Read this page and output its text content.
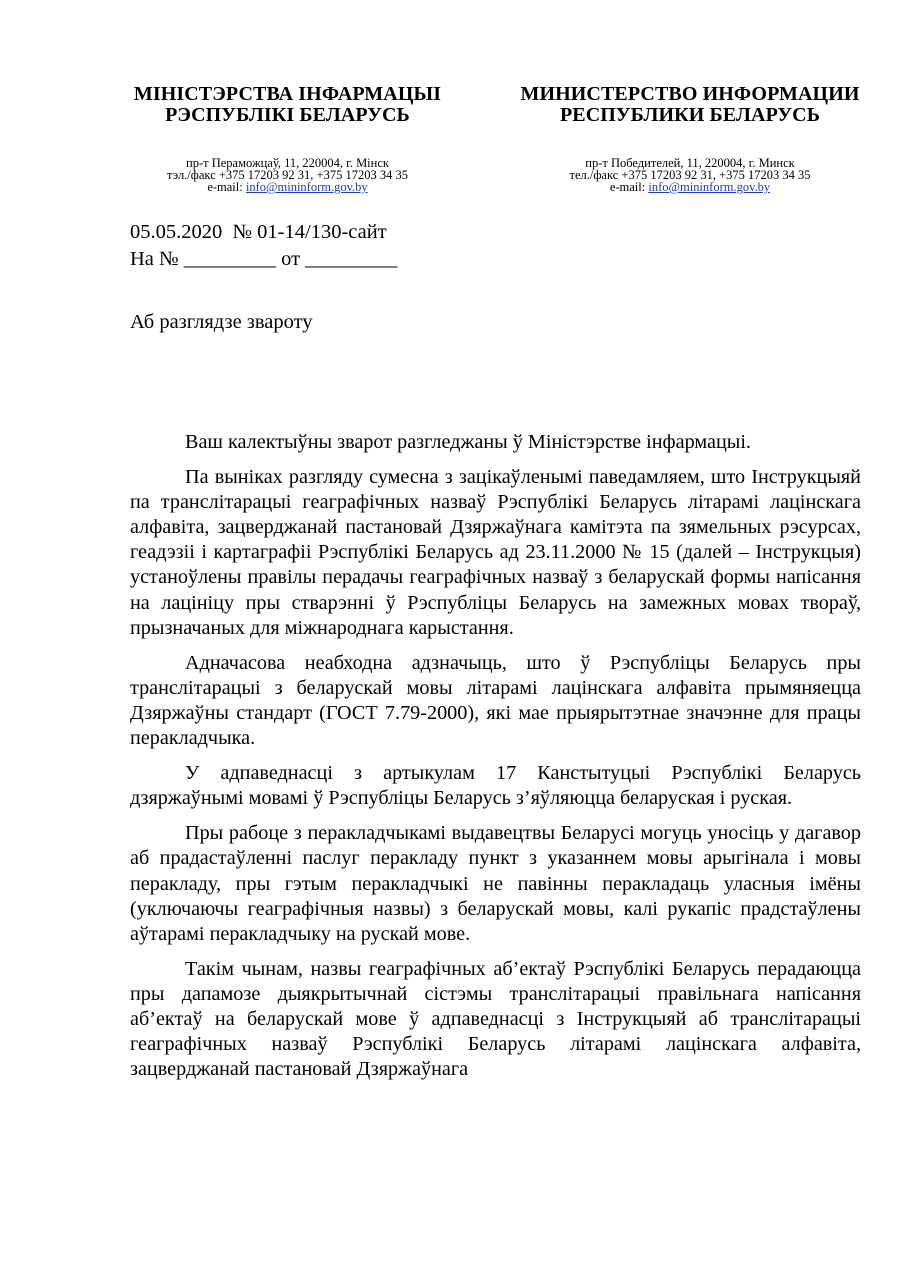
МІНІСТЭРСТВА ІНФАРМАЦЫІ
РЭСПУБЛІКІ БЕЛАРУСЬ
пр-т Пераможцаў, 11, 220004, г. Мінск
тэл./факс +375 17203 92 31, +375 17203 34 35
e-mail: info@mininform.gov.by
МИНИСТЕРСТВО ИНФОРМАЦИИ
РЕСПУБЛИКИ БЕЛАРУСЬ
пр-т Победителей, 11, 220004, г. Минск
тел./факс +375 17203 92 31, +375 17203 34 35
e-mail: info@mininform.gov.by
05.05.2020  № 01-14/130-сайт
На № _________ от _________
Аб разглядзе звароту

Ваш калектыўны зварот разгледжаны ў Міністэрстве інфармацыі.

Па выніках разгляду сумесна з зацікаўленымі паведамляем, што Інструкцыяй па транслітарацыі геаграфічных назваў Рэспублікі Беларусь літарамі лацінскага алфавіта, зацверджанай пастановай Дзяржаўнага камітэта па зямельных рэсурсах, геадэзіі і картаграфіі Рэспублікі Беларусь ад 23.11.2000 № 15 (далей – Інструкцыя) устаноўлены правілы перадачы геаграфічных назваў з беларускай формы напісання на лацініцу пры стварэнні ў Рэспубліцы Беларусь на замежных мовах твораў, прызначаных для міжнароднага карыстання.

Адначасова неабходна адзначыць, што ў Рэспубліцы Беларусь пры транслітарацыі з беларускай мовы літарамі лацінскага алфавіта прымяняецца Дзяржаўны стандарт (ГОСТ 7.79-2000), які мае прыярытэтнае значэнне для працы перакладчыка.

У адпаведнасці з артыкулам 17 Канстытуцыі Рэспублікі Беларусь дзяржаўнымі мовамі ў Рэспубліцы Беларусь з’яўляюцца беларуская і руская.

Пры рабоце з перакладчыкамі выдавецтвы Беларусі могуць уносіць у дагавор аб прадастаўленні паслуг перакладу пункт з указаннем мовы арыгінала і мовы перакладу, пры гэтым перакладчыкі не павінны перакладаць уласныя імёны (уключаючы геаграфічныя назвы) з беларускай мовы, калі рукапіс прадстаўлены аўтарамі перакладчыку на рускай мове.

Такім чынам, назвы геаграфічных аб’ектаў Рэспублікі Беларусь перадаюцца пры дапамозе дыякрытычнай сістэмы транслітарацыі правільнага напісання аб’ектаў на беларускай мове ў адпаведнасці з Інструкцыяй аб транслітарацыі геаграфічных назваў Рэспублікі Беларусь літарамі лацінскага алфавіта, зацверджанай пастановай Дзяржаўнага
